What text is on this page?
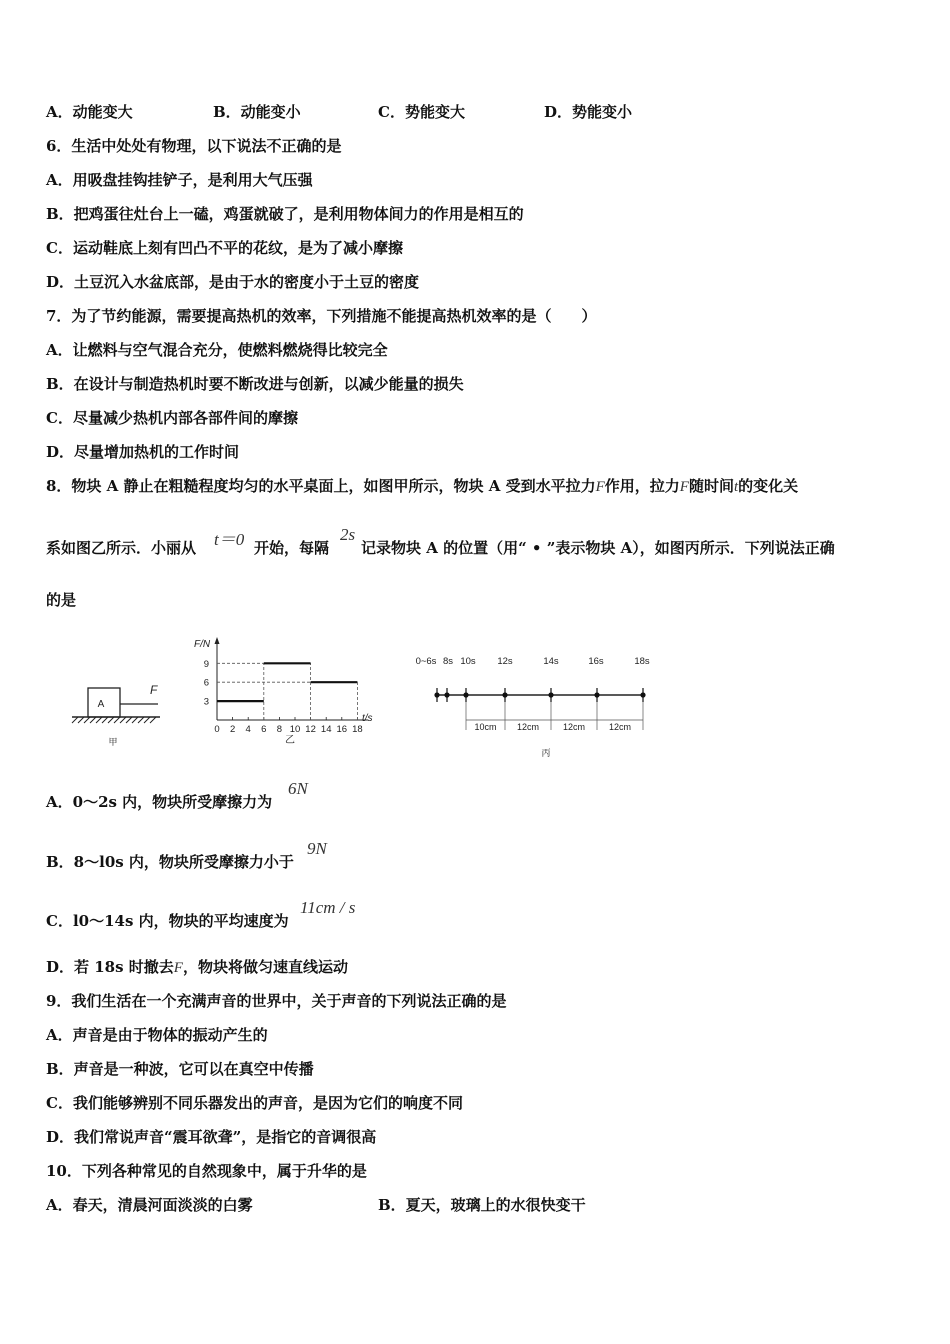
A．动能变大	B．动能变小	C．势能变大	D．势能变小
6．生活中处处有物理，以下说法不正确的是
A．用吸盘挂钩挂铲子，是利用大气压强
B．把鸡蛋往灶台上一磕，鸡蛋就破了，是利用物体间力的作用是相互的
C．运动鞋底上刻有凹凸不平的花纹，是为了减小摩擦
D．土豆沉入水盆底部，是由于水的密度小于土豆的密度
7．为了节约能源，需要提高热机的效率，下列措施不能提高热机效率的是（　　）
A．让燃料与空气混合充分，使燃料燃烧得比较完全
B．在设计与制造热机时要不断改进与创新，以减少能量的损失
C．尽量减少热机内部各部件间的摩擦
D．尽量增加热机的工作时间
8．物块 A 静止在粗糙程度均匀的水平桌面上，如图甲所示，物块 A 受到水平拉力F作用，拉力F随时间t的变化关
系如图乙所示．小丽从 t＝0 开始，每隔
2s
记录物块 A 的位置（用“ • ”表示物块 A），如图丙所示．下列说法正确
的是
A
F
甲
F/N
t/s
乙
0 2 4 6 8 10 12 14 16 18
9
6
3
0~6s 8s 10s 12s	14s	16s	18s
10cm 12cm	12cm	12cm
丙
A．0～2s 内，物块所受摩擦力为
6N
B．8～l0s 内，物块所受摩擦力小于
9N
C．l0～14s 内，物块的平均速度为
11cm / s
D．若 18s 时撤去F，物块将做匀速直线运动
9．我们生活在一个充满声音的世界中，关于声音的下列说法正确的是
A．声音是由于物体的振动产生的
B．声音是一种波，它可以在真空中传播
C．我们能够辨别不同乐器发出的声音，是因为它们的响度不同
D．我们常说声音“震耳欲聋”，是指它的音调很高
10．下列各种常见的自然现象中，属于升华的是
A．春天，清晨河面淡淡的白雾	B．夏天，玻璃上的水很快变干
